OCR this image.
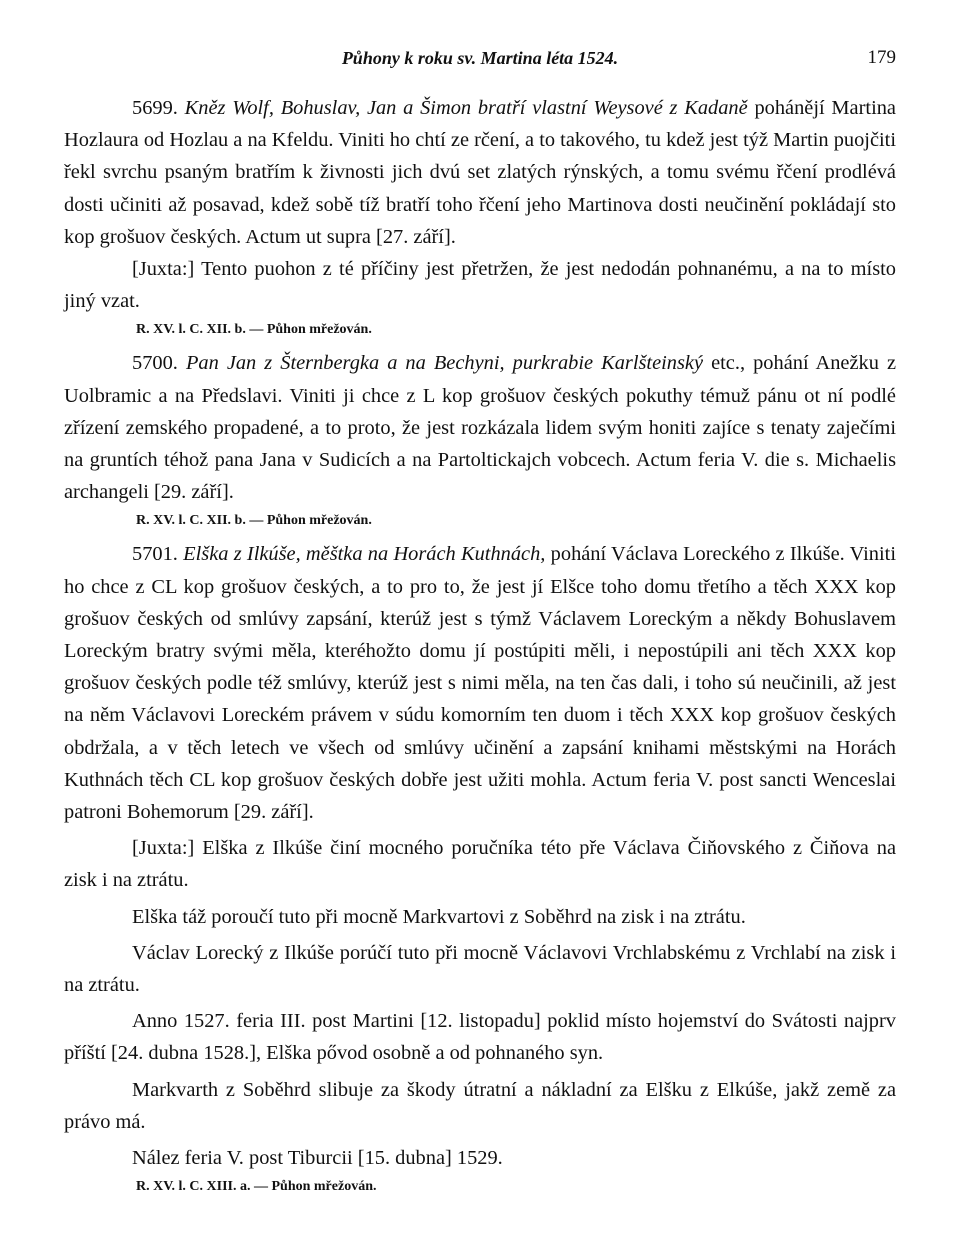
Půhony k roku sv. Martina léta 1524.	179

5699. Kněz Wolf, Bohuslav, Jan a Šimon bratří vlastní Weysové z Kadaně pohánějí Martina Hozlaura od Hozlau a na Kfeldu. Viniti ho chtí ze rčení, a to takového, tu kdež jest týž Martin puojčiti řekl svrchu psaným bratřím k živnosti jich dvú set zlatých rýnských, a tomu svému řčení prodlévá dosti učiniti až posavad, kdež sobě tíž bratří toho řčení jeho Martinova dosti neučinění pokládají sto kop grošuov českých. Actum ut supra [27. září].

[Juxta:] Tento puohon z té příčiny jest přetržen, že jest nedodán pohnanému, a na to místo jiný vzat.

R. XV. l. C. XII. b. — Půhon mřežován.

5700. Pan Jan z Šternbergka a na Bechyni, purkrabie Karlšteinský etc., pohání Anežku z Uolbramic a na Předslavi. Viniti ji chce z L kop grošuov českých pokuthy témuž pánu ot ní podlé zřízení zemského propadené, a to proto, že jest rozkázala lidem svým honiti zajíce s tenaty zaječími na gruntích téhož pana Jana v Sudicích a na Partoltickajch vobcech. Actum feria V. die s. Michaelis archangeli [29. září].

R. XV. l. C. XII. b. — Půhon mřežován.

5701. Elška z Ilkúše, měštka na Horách Kuthnách, pohání Václava Loreckého z Ilkúše. Viniti ho chce z CL kop grošuov českých, a to pro to, že jest jí Elšce toho domu třetího a těch XXX kop grošuov českých od smlúvy zapsání, kterúž jest s týmž Václavem Loreckým a někdy Bohuslavem Loreckým bratry svými měla, kteréhožto domu jí postúpiti měli, i nepostúpili ani těch XXX kop grošuov českých podle též smlúvy, kterúž jest s nimi měla, na ten čas dali, i toho sú neučinili, až jest na něm Václavovi Loreckém právem v súdu komorním ten duom i těch XXX kop grošuov českých obdržala, a v těch letech ve všech od smlúvy učinění a zapsání knihami městskými na Horách Kuthnách těch CL kop grošuov českých dobře jest užiti mohla. Actum feria V. post sancti Wenceslai patroni Bohemorum [29. září].

[Juxta:] Elška z Ilkúše činí mocného poručníka této pře Václava Čiňovského z Čiňova na zisk i na ztrátu.

Elška táž poroučí tuto při mocně Markvartovi z Soběhrd na zisk i na ztrátu.

Václav Lorecký z Ilkúše porúčí tuto při mocně Václavovi Vrchlabskému z Vrchlabí na zisk i na ztrátu.

Anno 1527. feria III. post Martini [12. listopadu] poklid místo hojemství do Svátosti najprv příští [24. dubna 1528.], Elška pővod osobně a od pohnaného syn.

Markvarth z Soběhrd slibuje za škody útratní a nákladní za Elšku z Elkúše, jakž země za právo má.

Nález feria V. post Tiburcii [15. dubna] 1529.

R. XV. l. C. XIII. a. — Půhon mřežován.
